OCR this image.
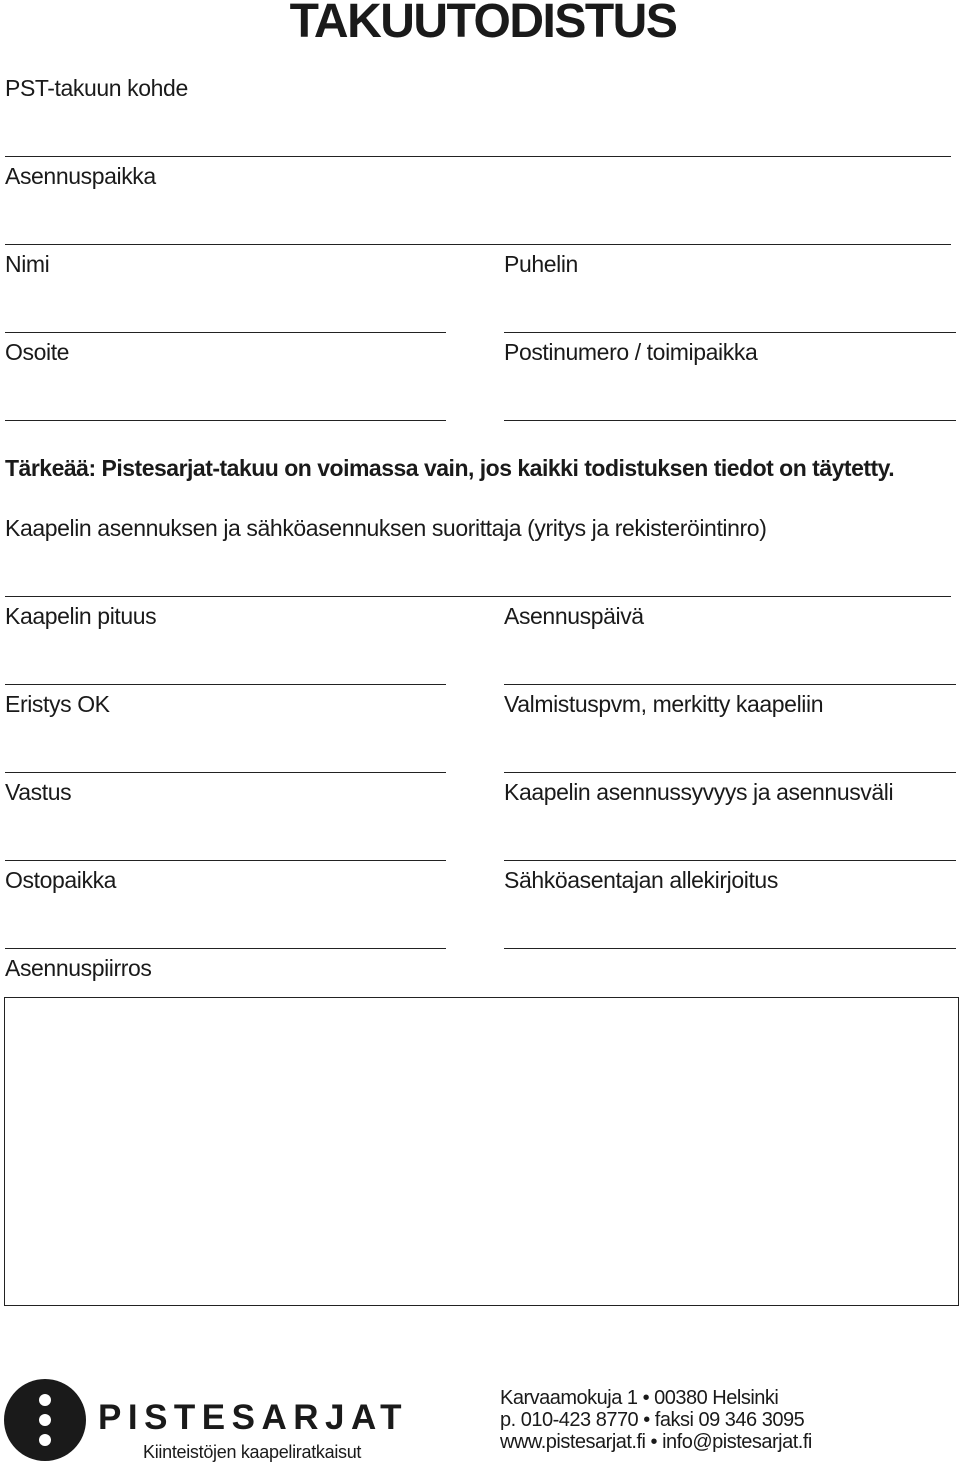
TAKUUTODISTUS
PST-takuun kohde
Asennuspaikka
Nimi	Puhelin
Osoite	Postinumero / toimipaikka
Tärkeää: Pistesarjat-takuu on voimassa vain, jos kaikki todistuksen tiedot on täytetty.
Kaapelin asennuksen ja sähköasennuksen suorittaja (yritys ja rekisteröintinro)
Kaapelin pituus	Asennuspäivä
Eristys OK	Valmistuspvm, merkitty kaapeliin
Vastus	Kaapelin asennussyvyys ja asennusväli
Ostopaikka	Sähköasentajan allekirjoitus
Asennuspiirros
PISTESARJAT
Kiinteistöjen kaapeliratkaisut
Karvaamokuja 1 • 00380 Helsinki
p. 010-423 8770 • faksi 09 346 3095
www.pistesarjat.fi • info@pistesarjat.fi
